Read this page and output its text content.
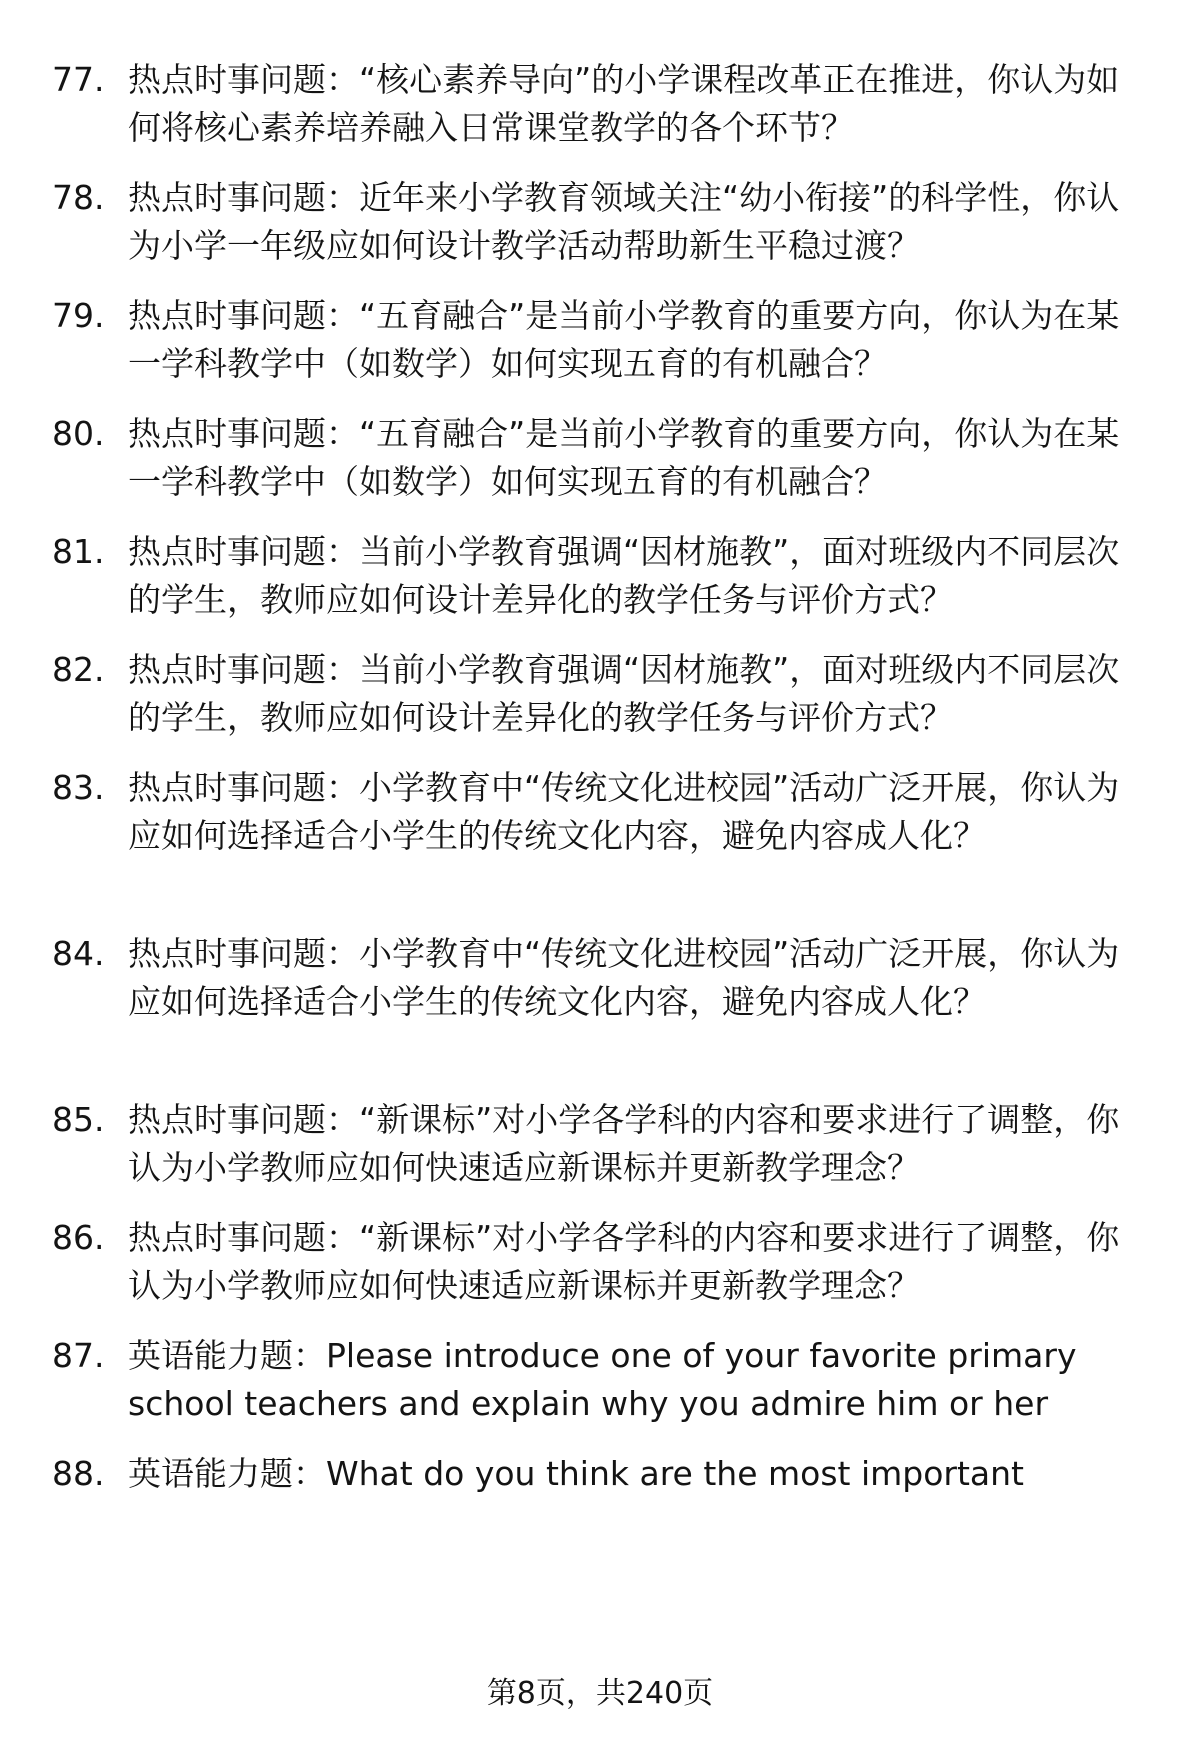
77. 热点时事问题：“核心素养导向”的小学课程改革正在推进，你认为如何将核心素养培养融入日常课堂教学的各个环节？
78. 热点时事问题：近年来小学教育领域关注“幼小衔接”的科学性，你认为小学一年级应如何设计教学活动帮助新生平稳过渡？
79. 热点时事问题：“五育融合”是当前小学教育的重要方向，你认为在某一学科教学中（如数学）如何实现五育的有机融合？
80. 热点时事问题：“五育融合”是当前小学教育的重要方向，你认为在某一学科教学中（如数学）如何实现五育的有机融合？
81. 热点时事问题：当前小学教育强调“因材施教”，面对班级内不同层次的学生，教师应如何设计差异化的教学任务与评价方式？
82. 热点时事问题：当前小学教育强调“因材施教”，面对班级内不同层次的学生，教师应如何设计差异化的教学任务与评价方式？
83. 热点时事问题：小学教育中“传统文化进校园”活动广泛开展，你认为应如何选择适合小学生的传统文化内容，避免内容成人化？
84. 热点时事问题：小学教育中“传统文化进校园”活动广泛开展，你认为应如何选择适合小学生的传统文化内容，避免内容成人化？
85. 热点时事问题：“新课标”对小学各学科的内容和要求进行了调整，你认为小学教师应如何快速适应新课标并更新教学理念？
86. 热点时事问题：“新课标”对小学各学科的内容和要求进行了调整，你认为小学教师应如何快速适应新课标并更新教学理念？
87. 英语能力题：Please introduce one of your favorite primary school teachers and explain why you admire him or her
88. 英语能力题：What do you think are the most important
第8页，共240页
